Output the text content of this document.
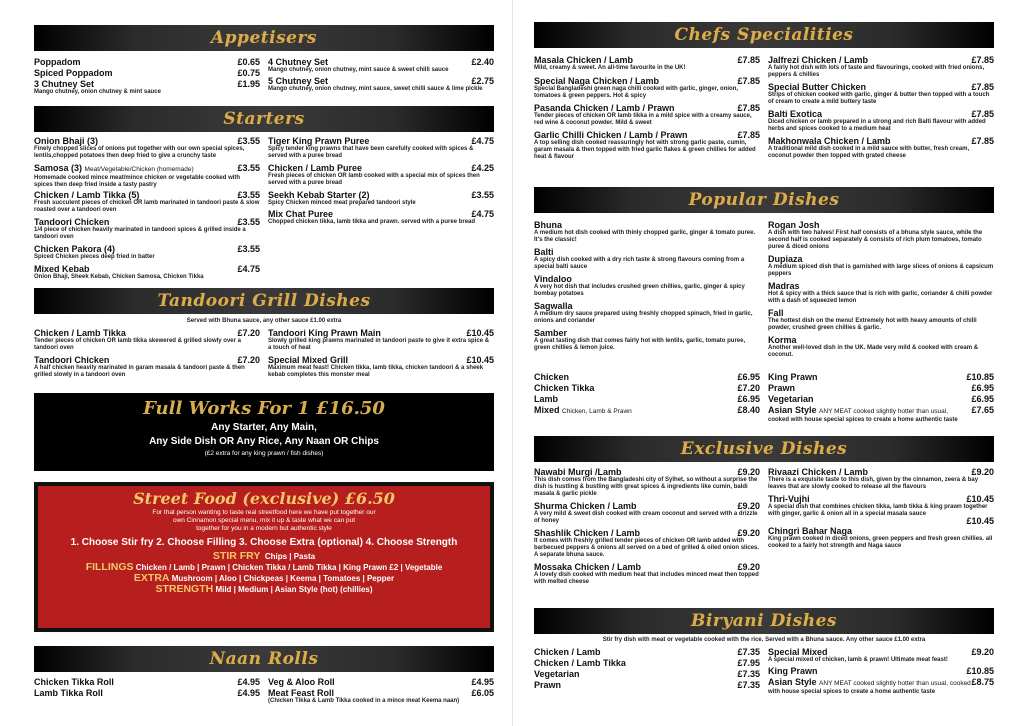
Appetisers
Poppadom	£0.65
Spiced Poppadom	£0.75
3 Chutney Set	£1.95
Mango chutney, onion chutney & mint sauce
4 Chutney Set	£2.40
Mango chutney, onion chutney, mint sauce & sweet chilli sauce
5 Chutney Set	£2.75
Mango chutney, onion chutney, mint sauce, sweet chilli sauce & lime pickle
Starters
Onion Bhaji (3)	£3.55
Finely chopped slices of onions put together with our own special spices, lentils,chopped potatoes then deep fried to give a crunchy taste
Samosa (3) Meat/Vegetable/Chicken (homemade)	£3.55
Homemade cooked mince meat/mince chicken or vegetable cooked with spices then deep fried inside a tasty pastry
Chicken / Lamb Tikka (5)	£3.55
Fresh succulent pieces of chicken OR lamb marinated in tandoori paste & slow roasted over a tandoori oven
Tandoori Chicken	£3.55
1/4 piece of chicken heavily marinated in tandoori spices & grilled inside a tandoori oven
Chicken Pakora (4)	£3.55
Spiced Chicken pieces deep fried in batter
Mixed Kebab	£4.75
Onion Bhaji, Sheek Kebab, Chicken Samosa, Chicken Tikka
Tiger King Prawn Puree	£4.75
Spicy tender king prawns that have been carefully cooked with spices & served with a puree bread
Chicken / Lamb Puree	£4.25
Fresh pieces of chicken OR lamb cooked with a special mix of spices then served with a puree bread
Seekh Kebab Starter (2)	£3.55
Spicy Chicken minced meat prepared tandoori style
Mix Chat Puree	£4.75
Chopped chicken tikka, lamb tikka and prawn. served with a puree bread
Tandoori Grill Dishes
Served with Bhuna sauce, any other sauce £1.00 extra
Chicken / Lamb Tikka	£7.20
Tender pieces of chicken OR lamb tikka skewered & grilled slowly over a tandoori oven
Tandoori Chicken	£7.20
A half chicken heavily marinated in garam masala & tandoori paste & then grilled slowly in a tandoori oven
Tandoori King Prawn Main	£10.45
Slowly grilled king prawns marinated in tandoori paste to give it extra spice & a touch of heat
Special Mixed Grill	£10.45
Maximum meat feast! Chicken tikka, lamb tikka, chicken tandoori & a sheek kebab completes this monster meal
Full Works For 1 £16.50
Any Starter, Any Main,
Any Side Dish OR Any Rice, Any Naan OR Chips
(£2 extra for any king prawn / fish dishes)
Street Food (exclusive) £6.50
For that person wanting to taste real streetfood here we have put together our
own Cinnamon special menu, mix it up & taste what we can put
together for you in a modern but authentic style
1. Choose Stir fry 2. Choose Filling 3. Choose Extra (optional) 4. Choose Strength
STIR FRY Chips | Pasta
FILLINGS Chicken / Lamb | Prawn | Chicken Tikka / Lamb Tikka | King Prawn £2 | Vegetable
EXTRA Mushroom | Aloo | Chickpeas | Keema | Tomatoes | Pepper
STRENGTH Mild | Medium | Asian Style (hot) (chillies)
Naan Rolls
Chicken Tikka Roll	£4.95
Lamb Tikka Roll	£4.95
Veg & Aloo Roll	£4.95
Meat Feast Roll	£6.05
(Chicken Tikka & Lamb Tikka cooked in a mince meat Keema naan)
Chefs Specialities
Masala Chicken / Lamb	£7.85
Mild, creamy & sweet. An all-time favourite in the UK!
Special Naga Chicken / Lamb	£7.85
Special Bangladeshi green naga chilli cooked with garlic, ginger, onion, tomatoes & green peppers. Hot & spicy
Pasanda Chicken / Lamb / Prawn	£7.85
Tender pieces of chicken OR lamb tikka in a mild spice with a creamy sauce, red wine & coconut powder. Mild & sweet
Garlic Chilli Chicken / Lamb / Prawn	£7.85
A top selling dish cooked reassuringly hot with strong garlic paste, cumin, garam masala & then topped with fried garlic flakes & green chillies for added heat & flavour
Jalfrezi Chicken / Lamb	£7.85
A fairly hot dish with lots of taste and flavourings, cooked with fried onions, peppers & chillies
Special Butter Chicken	£7.85
Strips of chicken cooked with garlic, ginger & butter then topped with a touch of cream to create a mild buttery taste
Balti Exotica	£7.85
Diced chicken or lamb prepared in a strong and rich Balti flavour with added herbs and spices cooked to a medium heat
Makhonwala Chicken / Lamb	£7.85
A traditional mild dish cooked in a mild sauce with butter, fresh cream, coconut powder then topped with grated cheese
Popular Dishes
Bhuna
A medium hot dish cooked with thinly chopped garlic, ginger & tomato puree. It's the classic!
Balti
A spicy dish cooked with a dry rich taste & strong flavours coming from a special balti sauce
Vindaloo
A very hot dish that includes crushed green chillies, garlic, ginger & spicy bombay potatoes
Sagwalla
A medium dry sauce prepared using freshly chopped spinach, fried in garlic, onions and coriander
Samber
A great tasting dish that comes fairly hot with lentils, garlic, tomato puree, green chillies & lemon juice.
Rogan Josh
A dish with two halves! First half consists of a bhuna style sauce, while the second half is cooked separately & consists of rich plum tomatoes, tomato puree & diced onions
Dupiaza
A medium spiced dish that is garnished with large slices of onions & capsicum peppers
Madras
Hot & spicy with a thick sauce that is rich with garlic, coriander & chilli powder with a dash of squeezed lemon
Fall
The hottest dish on the menu! Extremely hot with heavy amounts of chilli powder, crushed green chillies & garlic.
Korma
Another well-loved dish in the UK. Made very mild & cooked with cream & coconut.
Chicken	£6.95
Chicken Tikka	£7.20
Lamb	£6.95
Mixed Chicken, Lamb & Prawn	£8.40
King Prawn	£10.85
Prawn	£6.95
Vegetarian	£6.95
Asian Style ANY MEAT cooked slightly hotter than usual,	£7.65
cooked with house special spices to create a home authentic taste
Exclusive Dishes
Nawabi Murgi /Lamb	£9.20
This dish comes from the Bangladeshi city of Sylhet, so without a surprise the dish is hustling & bustling with great spices & ingredients like cumin, baldi masala & garlic pickle
Shurma Chicken / Lamb	£9.20
A very mild & sweet dish cooked with cream coconut and served with a drizzle of honey
Shashlik Chicken / Lamb	£9.20
It comes with freshly grilled tender pieces of chicken OR lamb added with barbecued peppers & onions all served on a bed of grilled & oiled onion slices. A separate bhuna sauce.
Mossaka Chicken / Lamb	£9.20
A lovely dish cooked with medium heat that includes minced meat then topped with melted cheese
Rivaazi Chicken / Lamb	£9.20
There is a exquisite taste to this dish, given by the cinnamon, zeera & bay leaves that are slowly cooked to release all the flavours
Thri-Vujhi	£10.45
A special dish that combines chicken tikka, lamb tikka & king prawn together with ginger, garlic & onion all in a special masala sauce
£10.45
Chingri Bahar Naga
King prawn cooked in diced onions, green peppers and fresh green chillies. all cooked to a fairly hot strength and Naga sauce
Biryani Dishes
Stir fry dish with meat or vegetable cooked with the rice. Served with a Bhuna sauce. Any other sauce £1.00 extra
Chicken / Lamb	£7.35
Chicken / Lamb Tikka	£7.95
Vegetarian	£7.35
Prawn	£7.35
Special Mixed	£9.20
A special mixed of chicken, lamb & prawn! Ultimate meat feast!
King Prawn	£10.85
Asian Style ANY MEAT cooked slightly hotter than usual, cooked £8.75
with house special spices to create a home authentic taste
